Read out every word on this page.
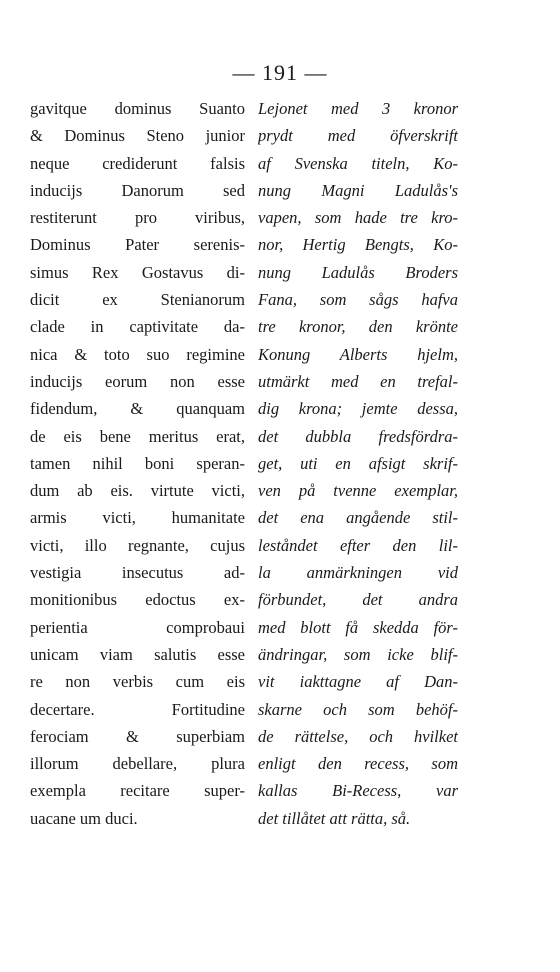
— 191 —
gavitque dominus Suanto
& Dominus Steno junior
neque crediderunt falsis
inducijs Danorum sed
restiterunt pro viribus,
Dominus Pater serenis-
simus Rex Gostavus di-
dicit ex Stenianorum
clade in captivitate da-
nica & toto suo regimine
inducijs eorum non esse
fidendum, & quanquam
de eis bene meritus erat,
tamen nihil boni speran-
dum ab eis. virtute victi,
armis victi, humanitate
victi, illo regnante, cujus
vestigia insecutus ad-
monitionibus edoctus ex-
perientia comprobaui
unicam viam salutis esse
re non verbis cum eis
decertare. Fortitudine
ferociam & superbiam
illorum debellare, plura
exempla recitare super-
uacane um duci.
Lejonet med 3 kronor
prydt med öfverskrift
af Svenska titeln, Ko-
nung Magni Ladulås's
vapen, som hade tre kro-
nor, Hertig Bengts, Ko-
nung Ladulås Broders
Fana, som sågs hafva
tre kronor, den krönte
Konung Alberts hjelm,
utmärkt med en trefal-
dig krona; jemte dessa,
det dubbla fredsfördra-
get, uti en afsigt skrif-
ven på tvenne exemplar,
det ena angående stil-
leståndet efter den lil-
la anmärkningen vid
förbundet, det andra
med blott få skedda för-
ändringar, som icke blif-
vit iakttagne af Dan-
skarne och som behöf-
de rättelse, och hvilket
enligt den recess, som
kallas Bi-Recess, var
det tillåtet att rätta, så.
